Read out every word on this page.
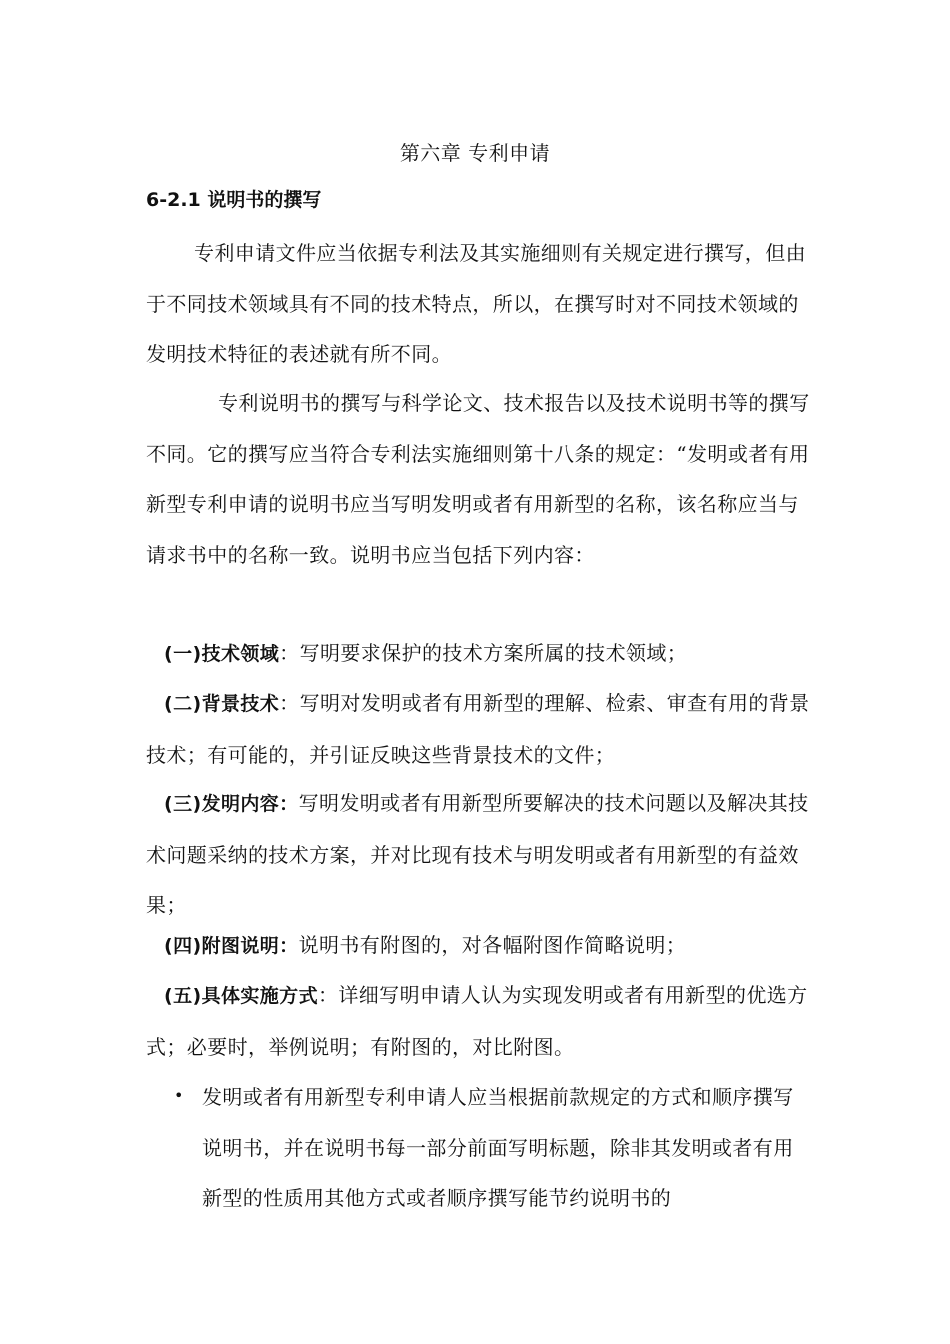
第六章 专利申请
6-2.1 说明书的撰写

专利申请文件应当依据专利法及其实施细则有关规定进行撰写，但由于不同技术领域具有不同的技术特点，所以，在撰写时对不同技术领域的发明技术特征的表述就有所不同。

专利说明书的撰写与科学论文、技术报告以及技术说明书等的撰写不同。它的撰写应当符合专利法实施细则第十八条的规定：“发明或者有用新型专利申请的说明书应当写明发明或者有用新型的名称，该名称应当与请求书中的名称一致。说明书应当包括下列内容：

(一)技术领域：写明要求保护的技术方案所属的技术领域；

(二)背景技术：写明对发明或者有用新型的理解、检索、审查有用的背景技术；有可能的，并引证反映这些背景技术的文件；

(三)发明内容：写明发明或者有用新型所要解决的技术问题以及解决其技术问题采纳的技术方案，并对比现有技术与明发明或者有用新型的有益效果；

(四)附图说明：说明书有附图的，对各幅附图作简略说明；

(五)具体实施方式：详细写明申请人认为实现发明或者有用新型的优选方式；必要时，举例说明；有附图的，对比附图。

• 发明或者有用新型专利申请人应当根据前款规定的方式和顺序撰写说明书，并在说明书每一部分前面写明标题，除非其发明或者有用新型的性质用其他方式或者顺序撰写能节约说明书的
